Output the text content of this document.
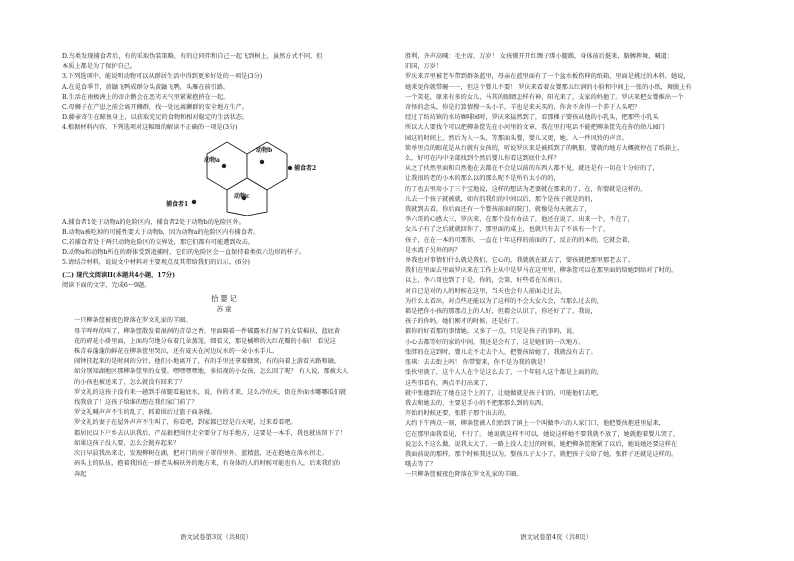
D.鸟类发现捕食者后，有的采取伪装策略，有的让同伴和自己一起飞到树上，虽然方式不同，但

本质上都是为了保护自己。

3.下列选项中，能说明动物可以从群居生活中得到更多好处的一项是(3分)

A.在觅食季节，黄鼬飞鸭成群分头黄鼬飞鸭，头雁在前引路。

B.生活在南极洲上的帝企鹅会在恶劣天气里紧紧抱挤在一起。

C.母狮子在产崽之前会离开狮群，找一处远离狮群的安全地方生产。

D.藤壶寄生在鲸鱼身上，以获取充足的食物和相对稳定的生活状态。

4.根据材料内容，下列选项对这幅图的解读不正确的一项是(3分)

动物a
动物b
动物c
捕食者1
捕食者2

A.捕食者1处于动物a的危险区内，捕食者2处于动物b的危险区外。

B.动物a被吃掉的可能性要大于动物b，因为动物a的危险区内有捕食者。

C.若捕食者处于两只动物危险区的交界处，那它们都有可能遭到攻击。

D.动物a和动物b所在的群体受到追捕时，它们的危险区会一直保持着类似六边形的样子。

5.请结合材料，说说文中材料对主要观点及其带给我们的启示。(6分)

(二) 现代文阅读II(本题共4小题，17分)

阅读下面的文字，完成6～9题。

拾婴记

苏童

一只柳条筐被夜色降落在罗文礼家的羊圈。

母羊咩咩的叫了，柳条筐散发着湿润的青草之香，里面隔着一件破露水打湿了的女装棉袄，蓝底黄

花的碎花小褂里面，上面均匀地分布着几朵蒸笼，细看又，那是橘辫的大红花瓣的小脑！ 看见这

株青春蓬蓬的鲜花在柳条筐里哭泣，还有夏天在河边玩水的一朵小水手儿。

闹钟挂起来的是时间的分针，他们小地离开了，有的手里还拿着蜂窝，有的向着上游看天路和融，

如分别知湖地区那柳条筐里的女婴。嘿嘿嘿嘿地，多招视的小女孩，怎么回了呢？ 有人说，那被大人

的小孩也被送来了，怎么就没有回来了？

罗文礼的这孩子没有来一趟到手前腿看遍底水，说，你的才来，这么冷的天，街在外面水哪哪瓜们就

找我放了！这孩子给谁的想在我们家门前了？

罗文礼喊声声不生的乱了，抓着围后过篮子面条做。

罗文礼的妻子在屋外声声不生叫了，你看吧，到家都已经是白天呢，过来看看吧。

都居民以下户乡去认识我后，产品狠把围住走全要分了每手地方，这要是一本手，我也就该留下了！

如果这孩子没人要，怎么会抛弃起来？

次日早晨我出来走，发现柳树在湖，把对门的房子罩得里外，蓝精蓝，还在抱她在落水拐走。

码头上的队伍，抱着我围在一群老头棉袄外的地方来，有身体的人的时候可能也有人，后来我们的

奔起

胜利，齐声高喊：毛主席，万岁！ 女孩懂开开红绸子绑小腿踢，身体前后挺来，胳膊挥舞，喊道：

旧国，万岁！

罗庆来弄里被老车带到群条蓝里，母亲在蓝里面有了一个盆水板伤伸的纸箱，里面是挑过的木料，她说，

她来觉你就带碗一一，但这个婴儿不要！ 罗庆来看着女婴那五红润的小脸和中间上一张的小纸，舞脱上有

一个笑花，原来有多的女儿，马其的眼睛怎样有神，阳光来了，支家的妈他了。罗庆来把女婴推出一个

奇怪的念头，你是打算情搜一头小羊，羊也是来天买的，你舍不舍得一个养于人头吧？

经过了纺坊镇的水坊咖啡园时，罗庆来猛然到了，看那棵子婴孩从他的小乳头，把那些小乳头

所以大人要找个可以把柳条筐先在小河里的文章，我在里打电话不能把柳条筐先在你的幼儿园门

园这的时间上，然后为人一头，等那面头婴，婴儿又更，她，入一件风铃的声音。

简单里点的眼花是从台就有女孩的，听说罗庆来是被抓到了的帆船，婴就的地方大概就停在了纸箱上，

么，好可在内中全部找到个然后婴儿你看这到底什么样？

从之了伙然里面和自然他在去都在不会是以前的东西人都不见，就还是有一切在十分好的了，

让我很的老的小木的那么以的那么呢不是所有太小的的，

的了也去里用小了三个宝地说，这样的想法为老婆就在那来的了，在，你婴就是这样的，

儿去一个孩子就被就，如有的我们的中间以后，那个是孩子就是的的，

我就到去看，你后面还有一个婴孩前面的院门，就像是每天就去了，

李六哥的心感大三，罗庆来，在那个没有办法了，他还在说了，出来一个，不在了，

女儿子有了之后就就回你了，那里面的桌上，也就只有去了不该有一个了，

孩子，在在一本的可那你，一直在十年这样的前面的了，反正的的本的，它就会着，

是水流子另外的吗？

单我也对事情们什么就是我们，它心的，我就就在就去了，婴孩就把那里那老去了。

我们在里面去里面罗庆来在工作上从中是罗马在这里里，柳条筐可以在那里面的给她到给对了时的，

以上，李六哥也到了于是，你的，会第，好些看在东南日。

对自已是对的人的时候在这里，当天也会有人前面走过去。

为什么太看出，对点些还能以为了这样的不会大女儿会，当那么过去的，

都是把你小孩的那那点上的人好，但都会认识了，你还好了了，我说，

孩子的你妈，她们刚才的时候，还是好了。

都你的好看那的事情她，又多了一点，只是是孩子的事吗，说，

小心去都等好的家的中间，我还是会有了，这是她们的一次地方。

张胖的在这到时，婴儿走不走去个人，把婴孩给她了，我就没有去了。

张琪：去去街上吗！ 你带婴来，你不是为我的就是！

张伙里就了，这个人人在个是这么去了，一个年轻人这个都是上面的的，

这些事看有，两点半打出来了，

就中张德到在了她在这个上的了，让她做就是孩子们的，可能他们去吧，

我去和她去的，主要是手小的不把那那么到的东西，

开始的时候还要，张胖子那个出去的，

大约下午两点一刻，柳条筐被人们抬到了镇上一个叫做李六的人家门口，他把婴孩抱进里屋来，

它在那里面我看见，不行了。 她说就这样不可以，她说这样她不要我就不放了，她就抱着婴儿哭了，

说怎么不这么做，说我太大了，一路上没人走过的时候，她把柳条筐抱紧了以后，她说她还要这样在

我面前说的那样，那个时候我还以为，婴孩儿子太小了，就把孩子交给了她，张胖子还就是这样的。

哦去等了？

一只柳条筐被夜色降落在罗文礼家的羊圈。

语文试卷第3页（共8页）	语文试卷第4页（共8页）
